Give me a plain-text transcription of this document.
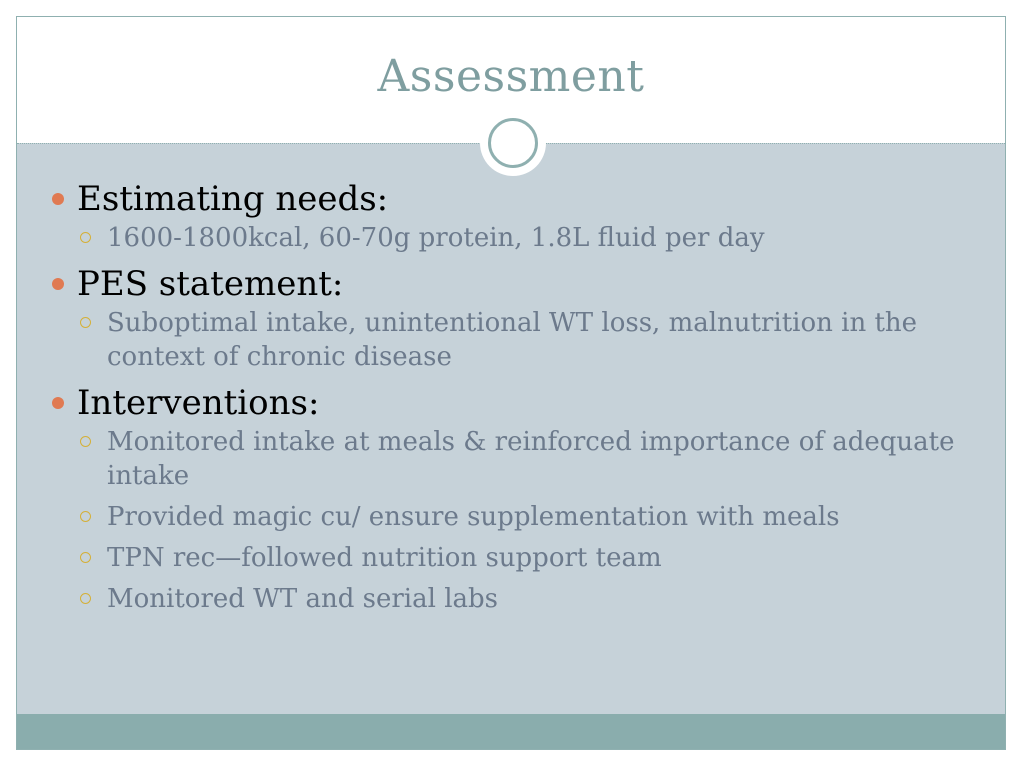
Assessment
Estimating needs:
1600-1800kcal, 60-70g protein, 1.8L fluid per day
PES statement:
Suboptimal intake, unintentional WT loss, malnutrition in the context of chronic disease
Interventions:
Monitored intake at meals & reinforced importance of adequate intake
Provided magic cu/ ensure supplementation with meals
TPN rec—followed nutrition support team
Monitored WT and serial labs
